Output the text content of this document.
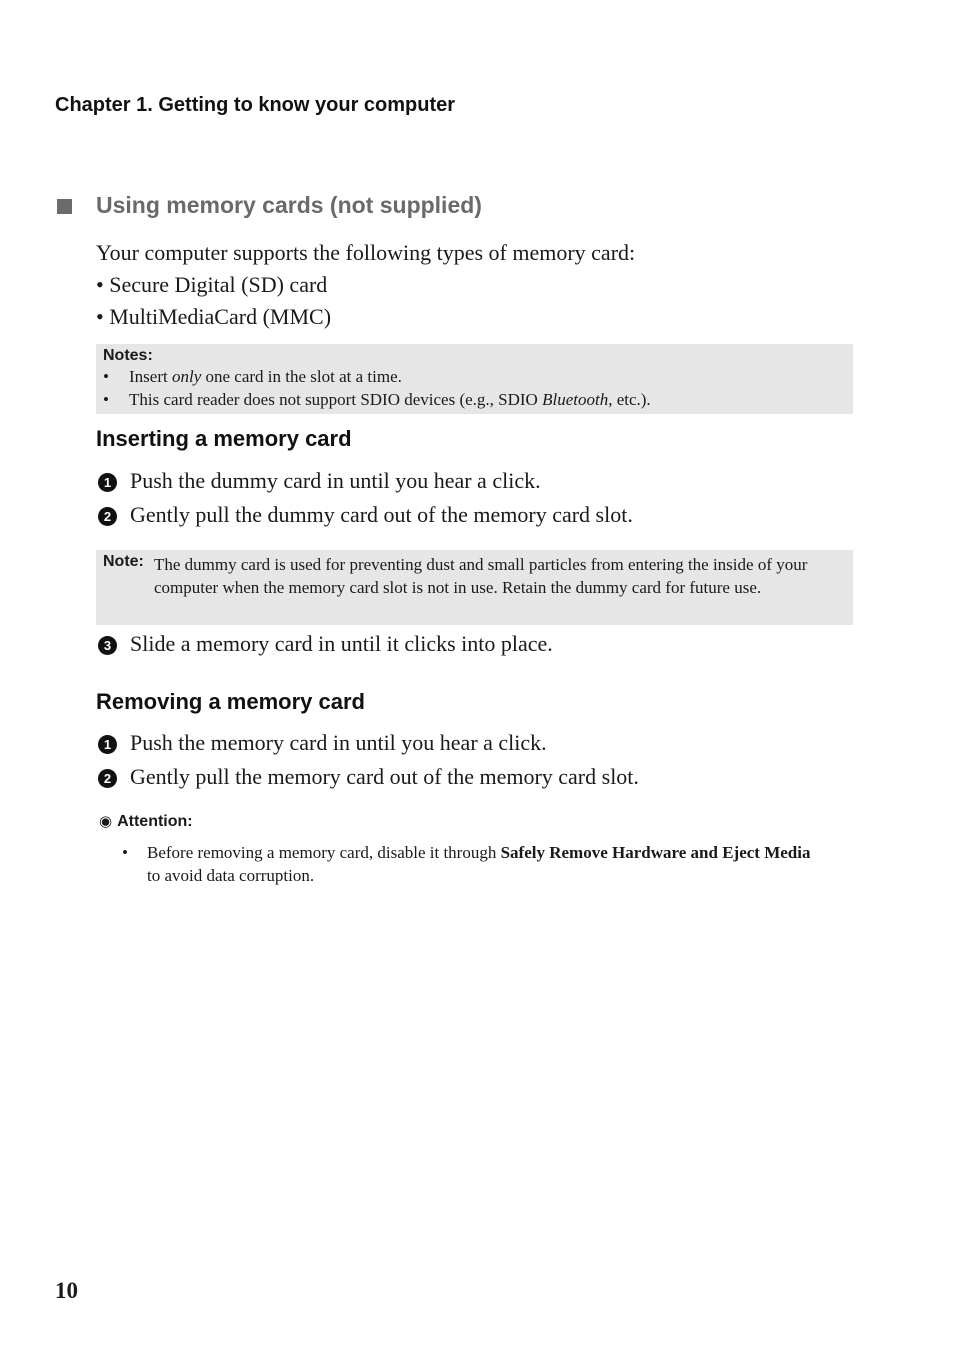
Chapter 1. Getting to know your computer
Using memory cards (not supplied)
Your computer supports the following types of memory card:
• Secure Digital (SD) card
• MultiMediaCard (MMC)
Notes:
• Insert only one card in the slot at a time.
• This card reader does not support SDIO devices (e.g., SDIO Bluetooth, etc.).
Inserting a memory card
1 Push the dummy card in until you hear a click.
2 Gently pull the dummy card out of the memory card slot.
Note: The dummy card is used for preventing dust and small particles from entering the inside of your computer when the memory card slot is not in use. Retain the dummy card for future use.
3 Slide a memory card in until it clicks into place.
Removing a memory card
1 Push the memory card in until you hear a click.
2 Gently pull the memory card out of the memory card slot.
◉ Attention:
• Before removing a memory card, disable it through Safely Remove Hardware and Eject Media to avoid data corruption.
10
